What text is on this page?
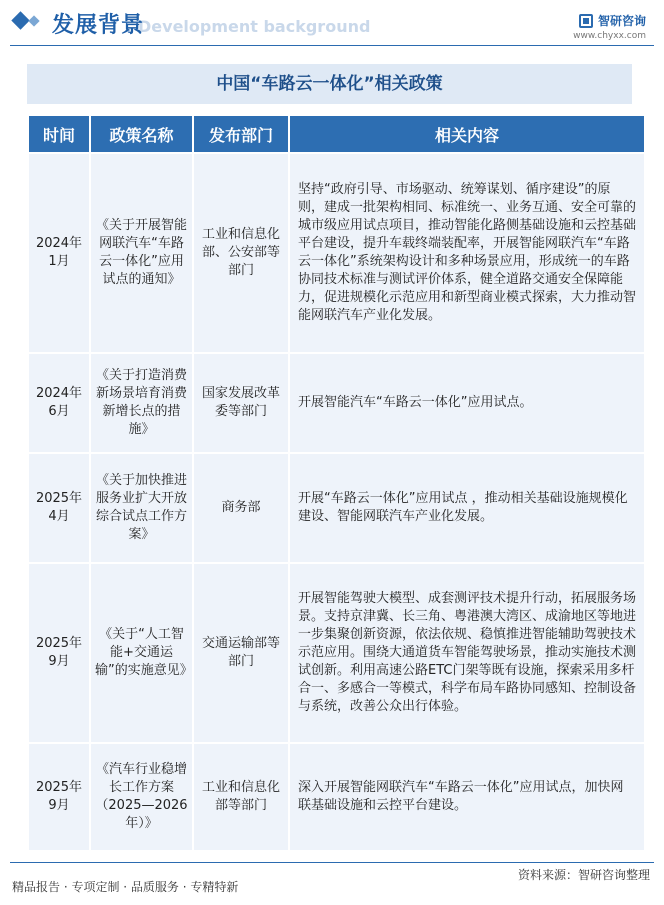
Development background
发展背景	智研咨询
www.chyxx.com
中国“车路云一体化”相关政策
时间	政策名称	发布部门	相关内容
2024年1月	《关于开展智能网联汽车“车路云一体化”应用试点的通知》	工业和信息化部、公安部等部门	坚持“政府引导、市场驱动、统筹谋划、循序建设”的原则，建成一批架构相同、标准统一、业务互通、安全可靠的城市级应用试点项目，推动智能化路侧基础设施和云控基础平台建设，提升车载终端装配率，开展智能网联汽车“车路云一体化”系统架构设计和多种场景应用，形成统一的车路协同技术标准与测试评价体系，健全道路交通安全保障能力，促进规模化示范应用和新型商业模式探索，大力推动智能网联汽车产业化发展。
2024年6月	《关于打造消费新场景培育消费新增长点的措施》	国家发展改革委等部门	开展智能汽车“车路云一体化”应用试点。
2025年4月	《关于加快推进服务业扩大开放综合试点工作方案》	商务部	开展“车路云一体化”应用试点 ，推动相关基础设施规模化建设、智能网联汽车产业化发展。
2025年9月	《关于“人工智能+交通运输”的实施意见》	交通运输部等部门	开展智能驾驶大模型、成套测评技术提升行动，拓展服务场景。支持京津冀、长三角、粤港澳大湾区、成渝地区等地进一步集聚创新资源，依法依规、稳慎推进智能辅助驾驶技术示范应用。围绕大通道货车智能驾驶场景，推动实施技术测试创新。利用高速公路ETC门架等既有设施，探索采用多杆合一、多感合一等模式，科学布局车路协同感知、控制设备与系统，改善公众出行体验。
2025年9月	《汽车行业稳增长工作方案（2025—2026年）》	工业和信息化部等部门	深入开展智能网联汽车“车路云一体化”应用试点，加快网联基础设施和云控平台建设。
资料来源：智研咨询整理
精品报告 · 专项定制 · 品质服务 · 专精特新
